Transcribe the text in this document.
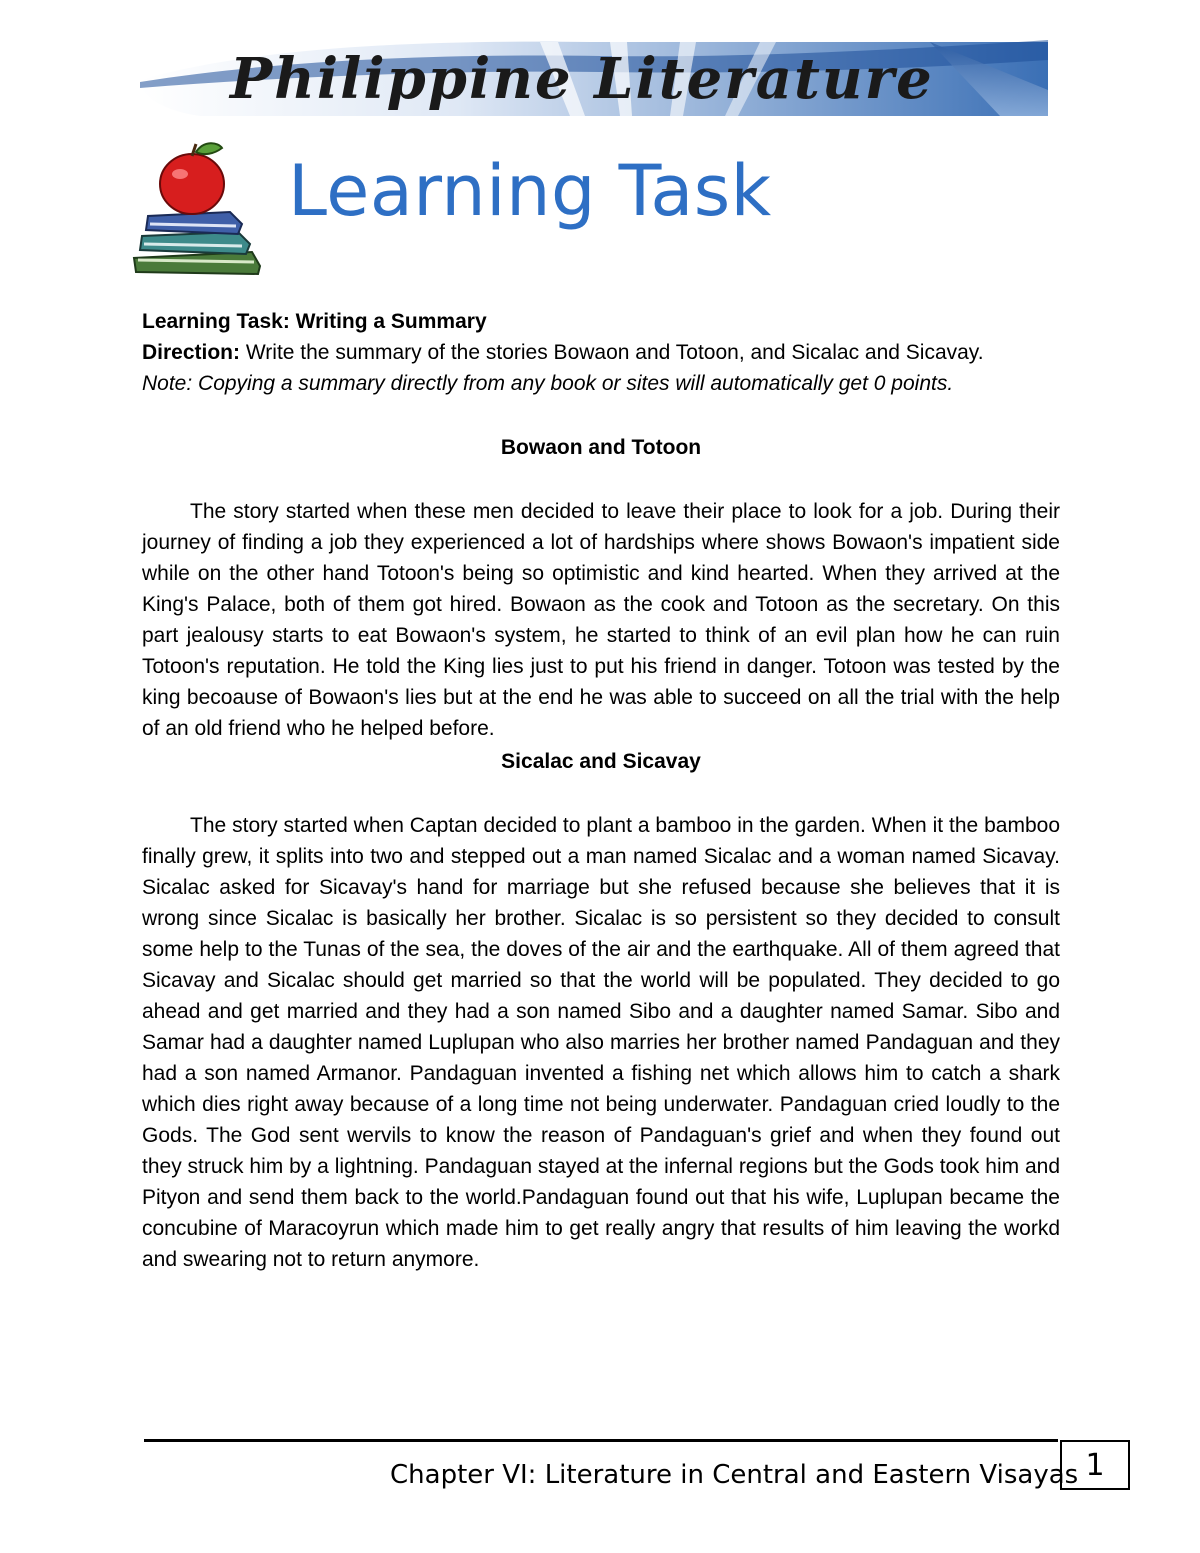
Philippine Literature
Learning Task

Learning Task: Writing a Summary

Direction: Write the summary of the stories Bowaon and Totoon, and Sicalac and Sicavay.

Note: Copying a summary directly from any book or sites will automatically get 0 points.

Bowaon and Totoon

The story started when these men decided to leave their place to look for a job. During their journey of finding a job they experienced a lot of hardships where shows Bowaon's impatient side while on the other hand Totoon's being so optimistic and kind hearted. When they arrived at the King's Palace, both of them got hired. Bowaon as the cook and Totoon as the secretary. On this part jealousy starts to eat Bowaon's system, he started to think of an evil plan how he can ruin Totoon's reputation. He told the King lies just to put his friend in danger. Totoon was tested by the king becoause of Bowaon's lies but at the end he was able to succeed on all the trial with the help of an old friend who he helped before.

Sicalac and Sicavay

The story started when Captan decided to plant a bamboo in the garden. When it the bamboo finally grew, it splits into two and stepped out a man named Sicalac and a woman named Sicavay. Sicalac asked for Sicavay's hand for marriage but she refused because she believes that it is wrong since Sicalac is basically her brother. Sicalac is so persistent so they decided to consult some help to the Tunas of the sea, the doves of the air and the earthquake. All of them agreed that Sicavay and Sicalac should get married so that the world will be populated. They decided to go ahead and get married and they had a son named Sibo and a daughter named Samar. Sibo and Samar had a daughter named Luplupan who also marries her brother named Pandaguan and they had a son named Armanor. Pandaguan invented a fishing net which allows him to catch a shark which dies right away because of a long time not being underwater. Pandaguan cried loudly to the Gods. The God sent wervils to know the reason of Pandaguan's grief and when they found out they struck him by a lightning. Pandaguan stayed at the infernal regions but the Gods took him and Pityon and send them back to the world.Pandaguan found out that his wife, Luplupan became the concubine of Maracoyrun which made him to get really angry that results of him leaving the workd and swearing not to return anymore.

Chapter VI: Literature in Central and Eastern Visayas 1
